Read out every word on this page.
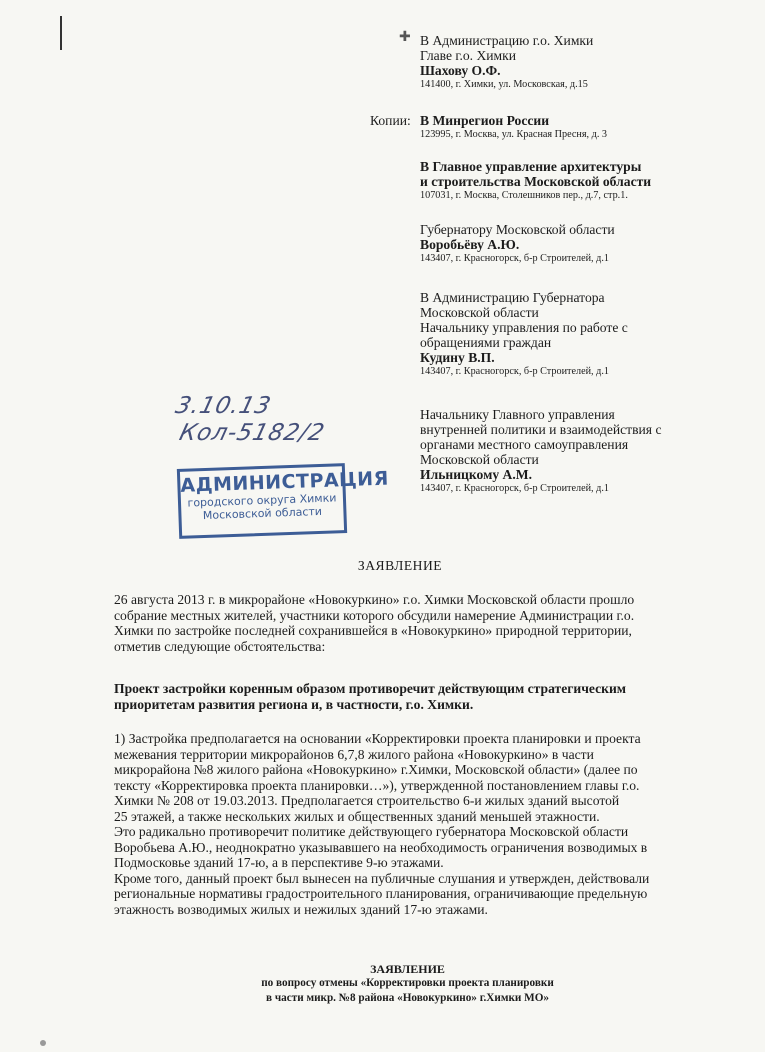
✚ В Администрацию г.о. Химки
Главе г.о. Химки
Шахову О.Ф.
141400, г. Химки, ул. Московская, д.15
Копии: В Минрегион России
123995, г. Москва, ул. Красная Пресня, д. 3
В Главное управление архитектуры
и строительства Московской области
107031, г. Москва, Столешников пер., д.7, стр.1.
Губернатору Московской области
Воробьёву А.Ю.
143407, г. Красногорск, б-р Строителей, д.1
В Администрацию Губернатора
Московской области
Начальнику управления по работе с
обращениями граждан
Кудину В.П.
143407, г. Красногорск, б-р Строителей, д.1
Начальнику Главного управления
внутренней политики и взаимодействия с
органами местного самоуправления
Московской области
Ильницкому А.М.
143407, г. Красногорск, б-р Строителей, д.1
3.10.13
Кол-5182/2
АДМИНИСТРАЦИЯ
городского округа Химки
Московской области
ЗАЯВЛЕНИЕ
26 августа 2013 г. в микрорайоне «Новокуркино» г.о. Химки Московской области прошло
собрание местных жителей, участники которого обсудили намерение Администрации г.о.
Химки по застройке последней сохранившейся в «Новокуркино» природной территории,
отметив следующие обстоятельства:
Проект застройки коренным образом противоречит действующим стратегическим
приоритетам развития региона и, в частности, г.о. Химки.
1) Застройка предполагается на основании «Корректировки проекта планировки и проекта
межевания территории микрорайонов 6,7,8 жилого района «Новокуркино» в части
микрорайона №8 жилого района «Новокуркино» г.Химки, Московской области» (далее по
тексту «Корректировка проекта планировки…»), утвержденной постановлением главы г.о.
Химки № 208 от 19.03.2013. Предполагается строительство 6-и жилых зданий высотой
25 этажей, а также нескольких жилых и общественных зданий меньшей этажности.
Это радикально противоречит политике действующего губернатора Московской области
Воробьева А.Ю., неоднократно указывавшего на необходимость ограничения возводимых в
Подмосковье зданий 17-ю, а в перспективе 9-ю этажами.
Кроме того, данный проект был вынесен на публичные слушания и утвержден, действовали
региональные нормативы градостроительного планирования, ограничивающие предельную
этажность возводимых жилых и нежилых зданий 17-ю этажами.
ЗАЯВЛЕНИЕ
по вопросу отмены «Корректировки проекта планировки
в части микр. №8 района «Новокуркино» г.Химки МО»
